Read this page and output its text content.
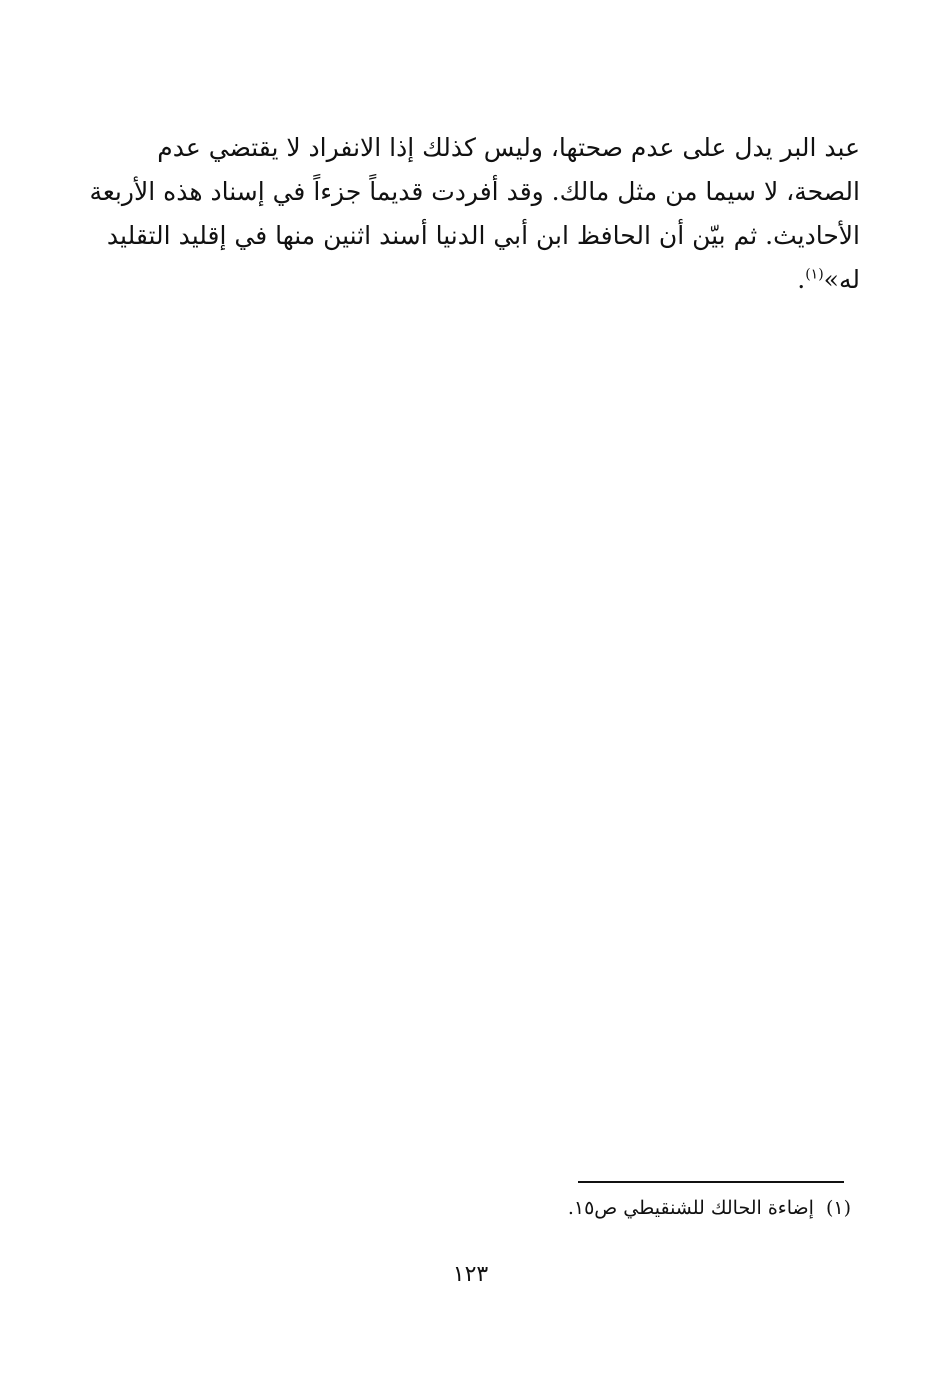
عبد البر يدل على عدم صحتها، وليس كذلك إذا الانفراد لا يقتضي عدم
الصحة، لا سيما من مثل مالك. وقد أفردت قديماً جزءاً في إسناد هذه الأربعة
الأحاديث. ثم بيّن أن الحافظ ابن أبي الدنيا أسند اثنين منها في إقليد التقليد
له»$^{(١)}$.

(١)إضاءة الحالك للشنقيطي ص١٥.

١٢٣
